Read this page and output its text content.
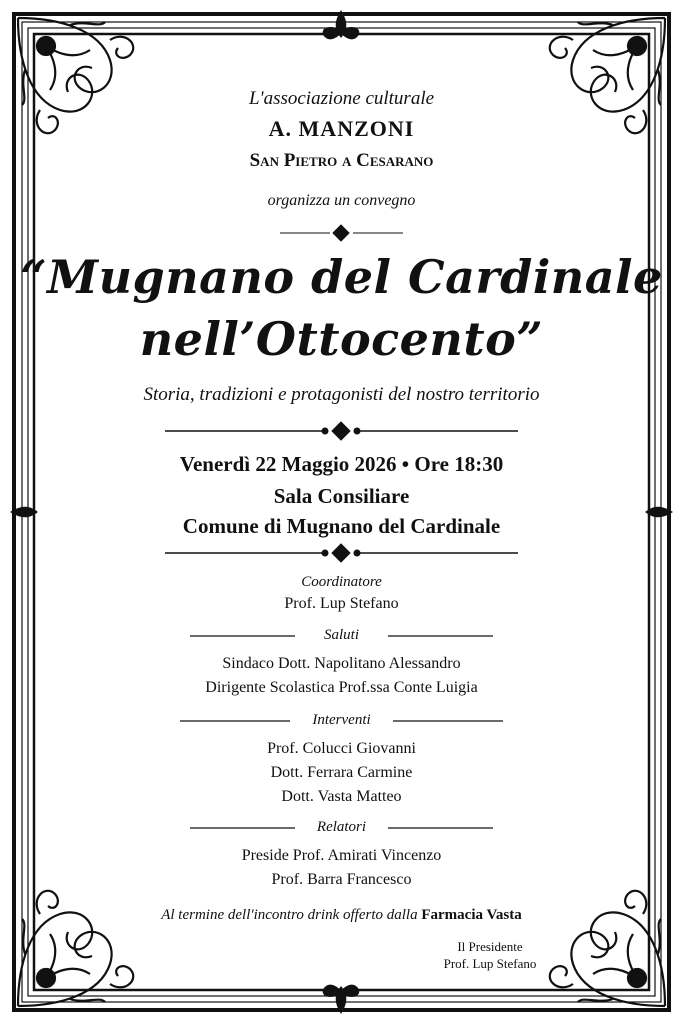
L'associazione culturale
A. MANZONI
San Pietro a Cesarano
organizza un convegno
“Mugnano del Cardinale
nell’Ottocento”
Storia, tradizioni e protagonisti del nostro territorio
Venerdì 22 Maggio 2026 • Ore 18:30
Sala Consiliare
Comune di Mugnano del Cardinale
Coordinatore
Prof. Lup Stefano
Saluti
Sindaco Dott. Napolitano Alessandro
Dirigente Scolastica Prof.ssa Conte Luigia
Interventi
Prof. Colucci Giovanni
Dott. Ferrara Carmine
Dott. Vasta Matteo
Relatori
Preside Prof. Amirati Vincenzo
Prof. Barra Francesco
Al termine dell'incontro drink offerto dalla Farmacia Vasta
Il Presidente
Prof. Lup Stefano
